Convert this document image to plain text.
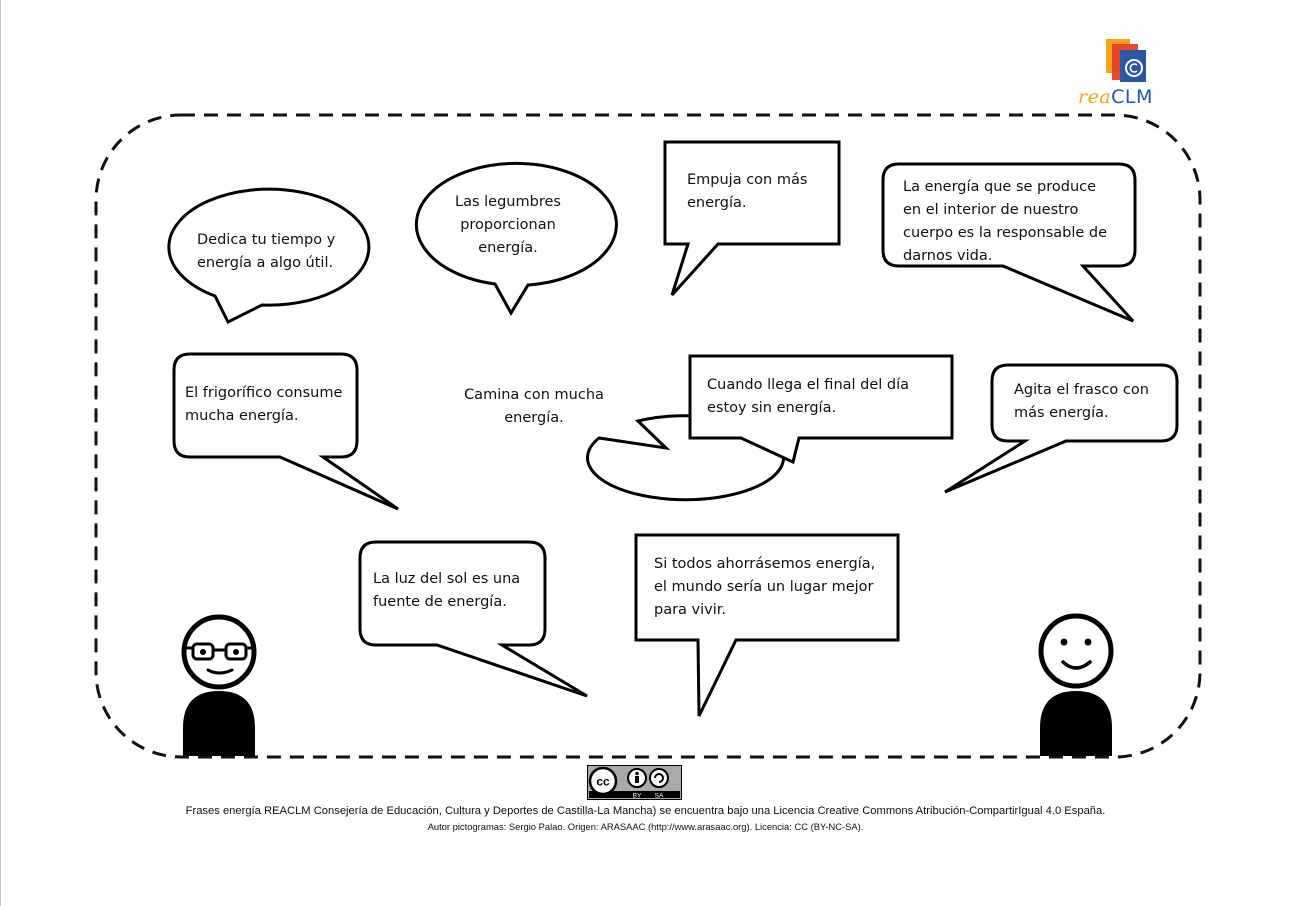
Dedica tu tiempo y
energía a algo útil.
Las legumbres
proporcionan
energía.
Empuja con más
energía.
La energía que se produce
en el interior de nuestro
cuerpo es la responsable de
darnos vida.
El frigorífico consume
mucha energía.
Camina con mucha
energía.
Cuando llega el final del día
estoy sin energía.
Agita el frasco con
más energía.
La luz del sol es una
fuente de energía.
Si todos ahorrásemos energía,
el mundo sería un lugar mejor
para vivir.
reaCLM
cc
BY SA
Frases energía REACLM Consejería de Educación, Cultura y Deportes de Castilla-La Mancha) se encuentra bajo una Licencia Creative Commons Atribución-CompartirIgual 4.0 España.
Autor pictogramas: Sergio Palao. Origen: ARASAAC (http://www.arasaac.org). Licencia: CC (BY-NC-SA).
